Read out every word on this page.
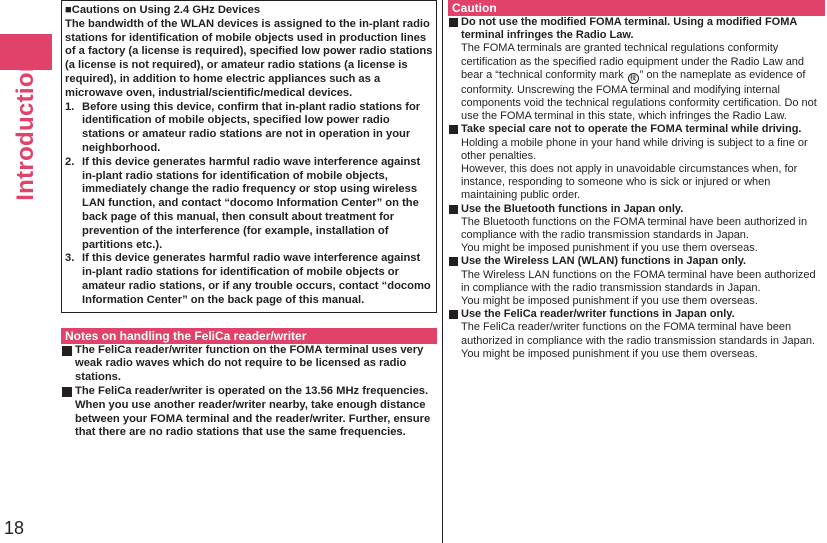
Introduction
18
■Cautions on Using 2.4 GHz Devices

The bandwidth of the WLAN devices is assigned to the in-plant radio stations for identification of mobile objects used in production lines of a factory (a license is required), specified low power radio stations (a license is not required), or amateur radio stations (a license is required), in addition to home electric appliances such as a microwave oven, industrial/scientific/medical devices.

1. Before using this device, confirm that in-plant radio stations for identification of mobile objects, specified low power radio stations or amateur radio stations are not in operation in your neighborhood.
2. If this device generates harmful radio wave interference against in-plant radio stations for identification of mobile objects, immediately change the radio frequency or stop using wireless LAN function, and contact “docomo Information Center” on the back page of this manual, then consult about treatment for prevention of the interference (for example, installation of partitions etc.).
3. If this device generates harmful radio wave interference against in-plant radio stations for identification of mobile objects or amateur radio stations, or if any trouble occurs, contact “docomo Information Center” on the back page of this manual.
Notes on handling the FeliCa reader/writer
The FeliCa reader/writer function on the FOMA terminal uses very weak radio waves which do not require to be licensed as radio stations.
The FeliCa reader/writer is operated on the 13.56 MHz frequencies. When you use another reader/writer nearby, take enough distance between your FOMA terminal and the reader/writer. Further, ensure that there are no radio stations that use the same frequencies.
Caution
Do not use the modified FOMA terminal. Using a modified FOMA terminal infringes the Radio Law.

The FOMA terminals are granted technical regulations conformity certification as the specified radio equipment under the Radio Law and bear a “technical conformity mark 技 ” on the nameplate as evidence of conformity. Unscrewing the FOMA terminal and modifying internal components void the technical regulations conformity certification. Do not use the FOMA terminal in this state, which infringes the Radio Law.

Take special care not to operate the FOMA terminal while driving.

Holding a mobile phone in your hand while driving is subject to a fine or other penalties.

However, this does not apply in unavoidable circumstances when, for instance, responding to someone who is sick or injured or when maintaining public order.

Use the Bluetooth functions in Japan only.

The Bluetooth functions on the FOMA terminal have been authorized in compliance with the radio transmission standards in Japan.

You might be imposed punishment if you use them overseas.

Use the Wireless LAN (WLAN) functions in Japan only.

The Wireless LAN functions on the FOMA terminal have been authorized in compliance with the radio transmission standards in Japan.

You might be imposed punishment if you use them overseas.

Use the FeliCa reader/writer functions in Japan only.

The FeliCa reader/writer functions on the FOMA terminal have been authorized in compliance with the radio transmission standards in Japan.

You might be imposed punishment if you use them overseas.
